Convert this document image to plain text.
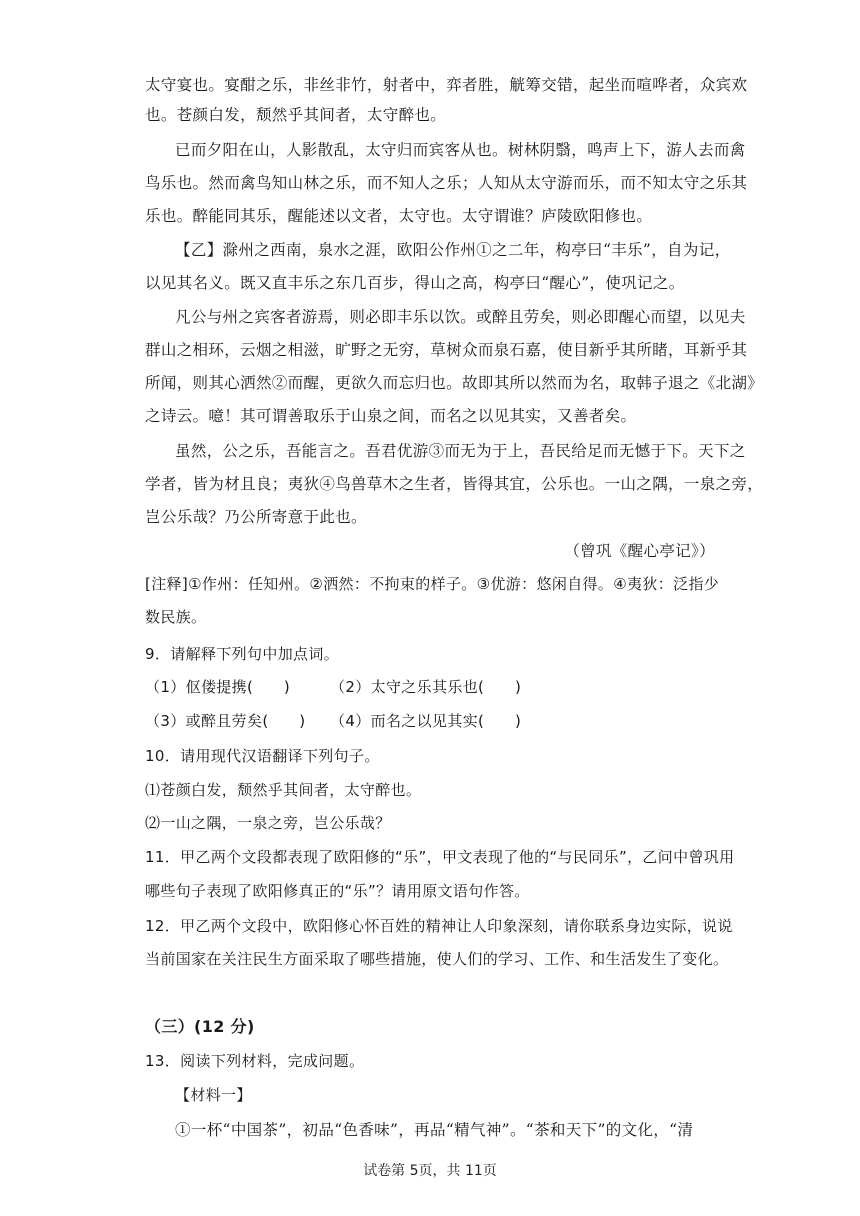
太守宴也。宴酣之乐，非丝非竹，射者中，弈者胜，觥筹交错，起坐而喧哗者，众宾欢
也。苍颜白发，颓然乎其间者，太守醉也。
已而夕阳在山，人影散乱，太守归而宾客从也。树林阴翳，鸣声上下，游人去而禽
鸟乐也。然而禽鸟知山林之乐，而不知人之乐；人知从太守游而乐，而不知太守之乐其
乐也。醉能同其乐，醒能述以文者，太守也。太守谓谁？庐陵欧阳修也。
【乙】滁州之西南，泉水之涯，欧阳公作州①之二年，构亭曰“丰乐”，自为记，
以见其名义。既又直丰乐之东几百步，得山之高，构亭曰“醒心”，使巩记之。
凡公与州之宾客者游焉，则必即丰乐以饮。或醉且劳矣，则必即醒心而望，以见夫
群山之相环，云烟之相滋，旷野之无穷，草树众而泉石嘉，使目新乎其所睹，耳新乎其
所闻，则其心洒然②而醒，更欲久而忘归也。故即其所以然而为名，取韩子退之《北湖》
之诗云。噫！其可谓善取乐于山泉之间，而名之以见其实，又善者矣。
虽然，公之乐，吾能言之。吾君优游③而无为于上，吾民给足而无憾于下。天下之
学者，皆为材且良；夷狄④鸟兽草木之生者，皆得其宜，公乐也。一山之隅，一泉之旁，
岂公乐哉？乃公所寄意于此也。
（曾巩《醒心亭记》）
[注释]①作州：任知州。②洒然：不拘束的样子。③优游：悠闲自得。④夷狄：泛指少
数民族。
9．请解释下列句中加点词。
（1）伛偻提携(　　)	（2）太守之乐其乐也(　　)
（3）或醉且劳矣(　　)	（4）而名之以见其实(　　)
10．请用现代汉语翻译下列句子。
⑴苍颜白发，颓然乎其间者，太守醉也。
⑵一山之隅，一泉之旁，岂公乐哉？
11．甲乙两个文段都表现了欧阳修的“乐”，甲文表现了他的“与民同乐”，乙问中曾巩用
哪些句子表现了欧阳修真正的“乐”？请用原文语句作答。
12．甲乙两个文段中，欧阳修心怀百姓的精神让人印象深刻，请你联系身边实际，说说
当前国家在关注民生方面采取了哪些措施，使人们的学习、工作、和生活发生了变化。
（三）(12 分)
13．阅读下列材料，完成问题。
【材料一】
①一杯“中国茶”，初品“色香味”，再品“精气神”。“茶和天下”的文化，“清
试卷第 5页，共 11页
